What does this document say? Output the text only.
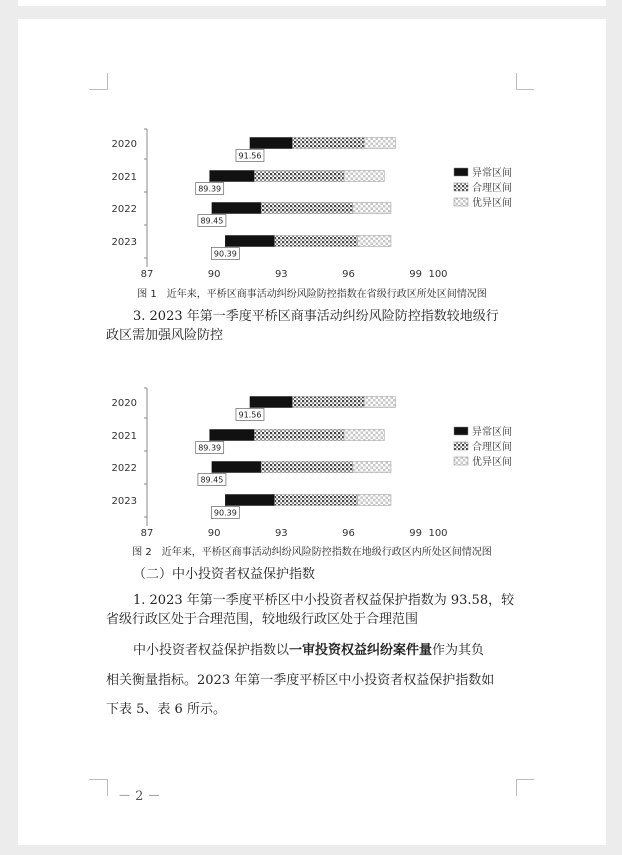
87	90	93	96	99 100
2020
91.56
2021
89.39
2022
89.45
2023
90.39
异常区间
合理区间
优异区间
图 1　近年来，平桥区商事活动纠纷风险防控指数在省级行政区所处区间情况图
3. 2023 年第一季度平桥区商事活动纠纷风险防控指数较地级行
政区需加强风险防控
87	90	93	96	99 100
2020
91.56
2021
89.39
2022
89.45
2023
90.39
异常区间
合理区间
优异区间
图 2　近年来，平桥区商事活动纠纷风险防控指数在地级行政区内所处区间情况图
（二）中小投资者权益保护指数
1. 2023 年第一季度平桥区中小投资者权益保护指数为 93.58，较
省级行政区处于合理范围，较地级行政区处于合理范围
中小投资者权益保护指数以一审投资权益纠纷案件量作为其负
相关衡量指标。2023 年第一季度平桥区中小投资者权益保护指数如
下表 5、表 6 所示。
－ 2 －
